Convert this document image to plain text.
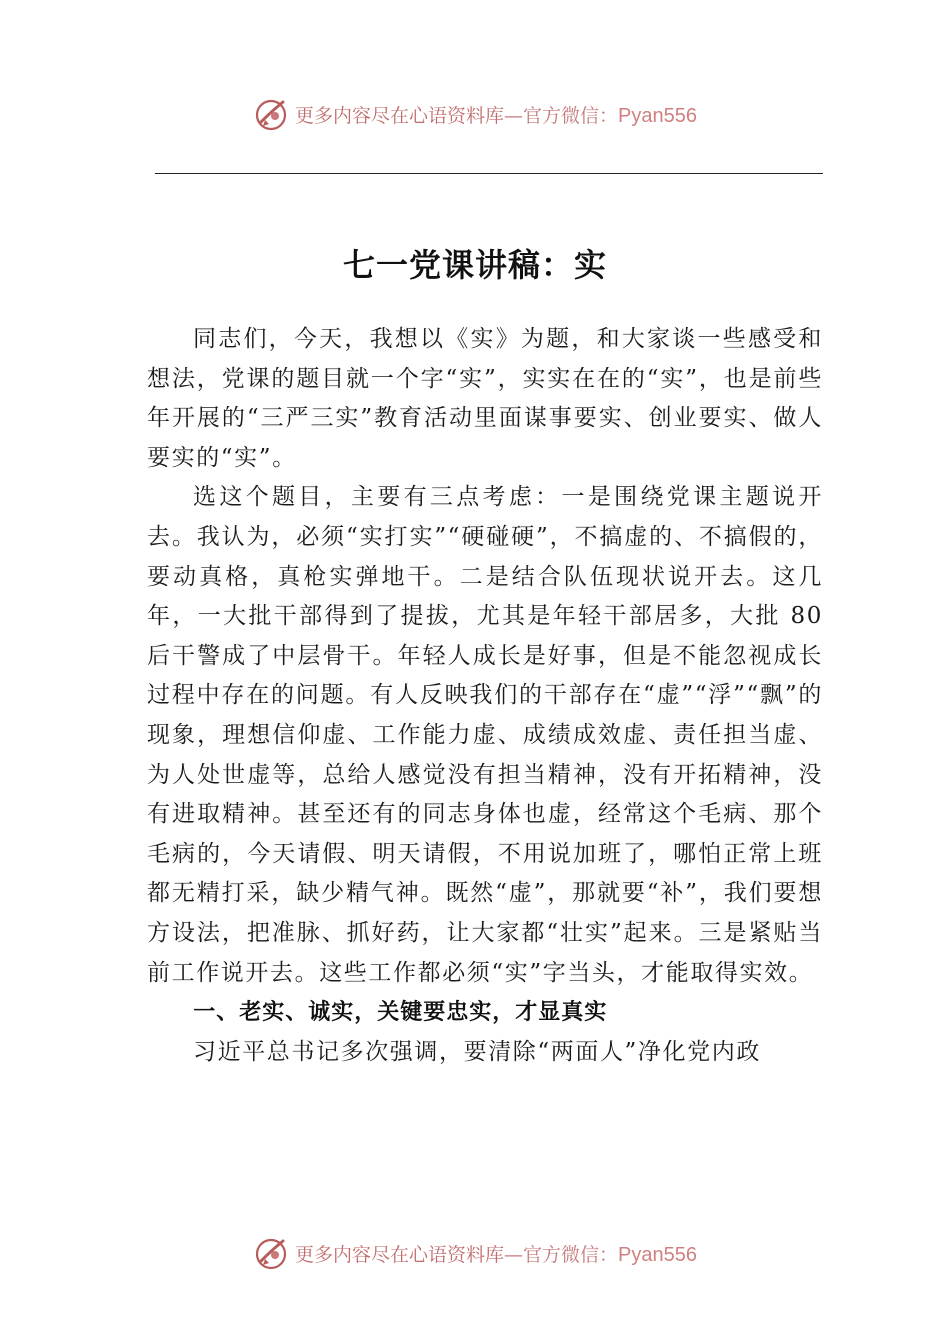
更多内容尽在心语资料库—官方微信：Pyan556
七一党课讲稿：实

同志们，今天，我想以《实》为题，和大家谈一些感受和想法，党课的题目就一个字“实”，实实在在的“实”，也是前些年开展的“三严三实”教育活动里面谋事要实、创业要实、做人要实的“实”。

选这个题目，主要有三点考虑：一是围绕党课主题说开去。我认为，必须“实打实”“硬碰硬”，不搞虚的、不搞假的，要动真格，真枪实弹地干。二是结合队伍现状说开去。这几年，一大批干部得到了提拔，尤其是年轻干部居多，大批 80 后干警成了中层骨干。年轻人成长是好事，但是不能忽视成长过程中存在的问题。有人反映我们的干部存在“虚”“浮”“飘”的现象，理想信仰虚、工作能力虚、成绩成效虚、责任担当虚、为人处世虚等，总给人感觉没有担当精神，没有开拓精神，没有进取精神。甚至还有的同志身体也虚，经常这个毛病、那个毛病的，今天请假、明天请假，不用说加班了，哪怕正常上班都无精打采，缺少精气神。既然“虚”，那就要“补”，我们要想方设法，把准脉、抓好药，让大家都“壮实”起来。三是紧贴当前工作说开去。这些工作都必须“实”字当头，才能取得实效。

一、老实、诚实，关键要忠实，才显真实

习近平总书记多次强调，要清除“两面人”净化党内政

更多内容尽在心语资料库—官方微信：Pyan556
